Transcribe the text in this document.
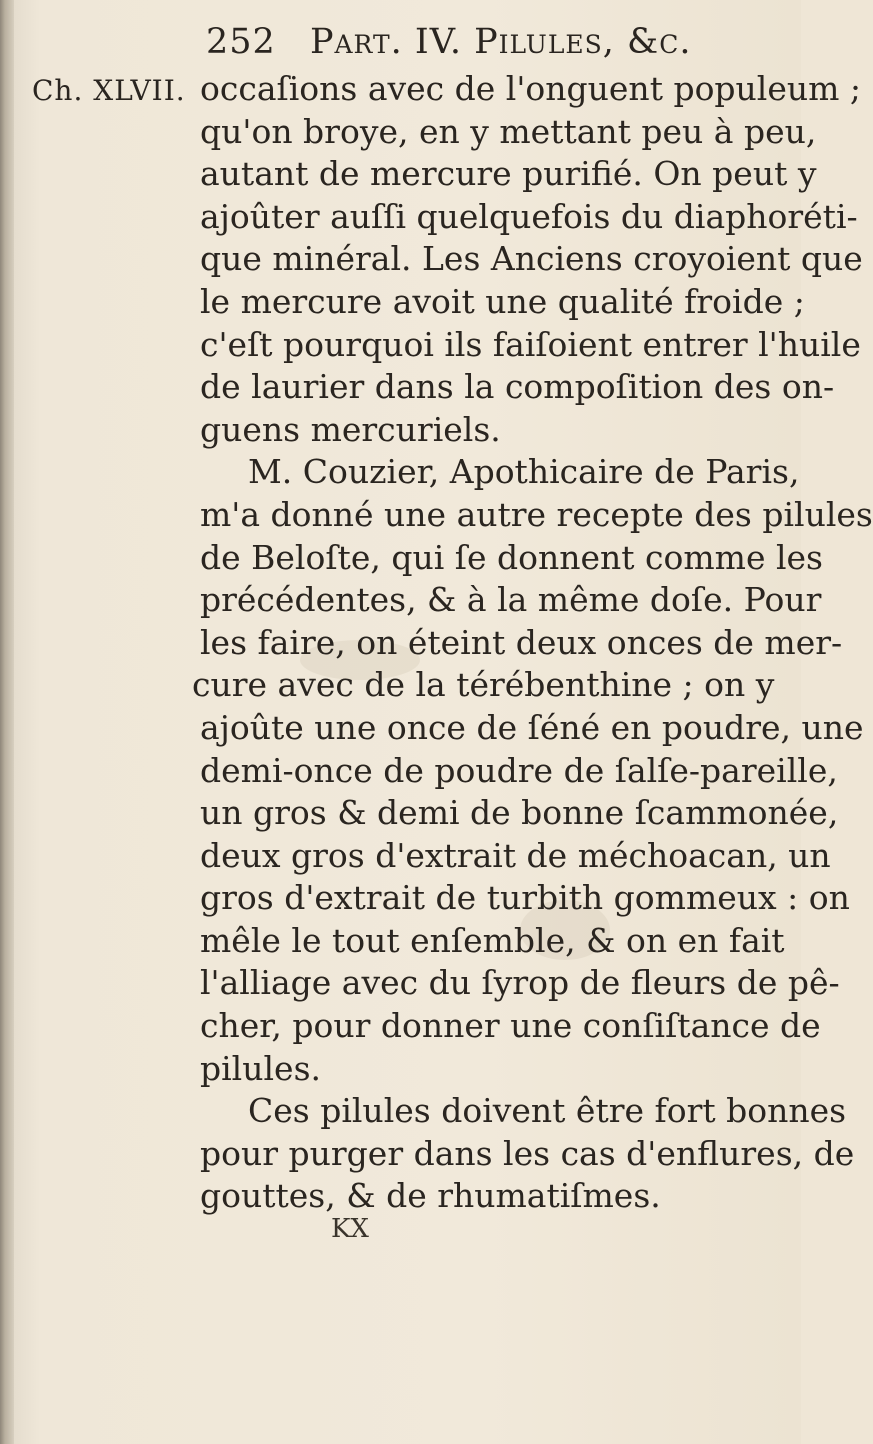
252 Part. IV. Pilules, &c.
Ch. XLVII. occaſions avec de l'onguent populeum ;
qu'on broye, en y mettant peu à peu,
autant de mercure purifié. On peut y
ajoûter auſſi quelquefois du diaphoréti-
que minéral. Les Anciens croyoient que
le mercure avoit une qualité froide ;
c'eſt pourquoi ils faiſoient entrer l'huile
de laurier dans la compoſition des on-
guens mercuriels.
M. Couzier, Apothicaire de Paris,
m'a donné une autre recepte des pilules
de Beloſte, qui ſe donnent comme les
précédentes, & à la même doſe. Pour
les faire, on éteint deux onces de mer-
cure avec de la térébenthine ; on y
ajoûte une once de ſéné en poudre, une
demi-once de poudre de ſalſe-pareille,
un gros & demi de bonne ſcammonée,
deux gros d'extrait de méchoacan, un
gros d'extrait de turbith gommeux : on
mêle le tout enſemble, & on en fait
l'alliage avec du ſyrop de fleurs de pê-
cher, pour donner une conſiſtance de
pilules.
Ces pilules doivent être fort bonnes
pour purger dans les cas d'enflures, de
gouttes, & de rhumatiſmes.
KX
